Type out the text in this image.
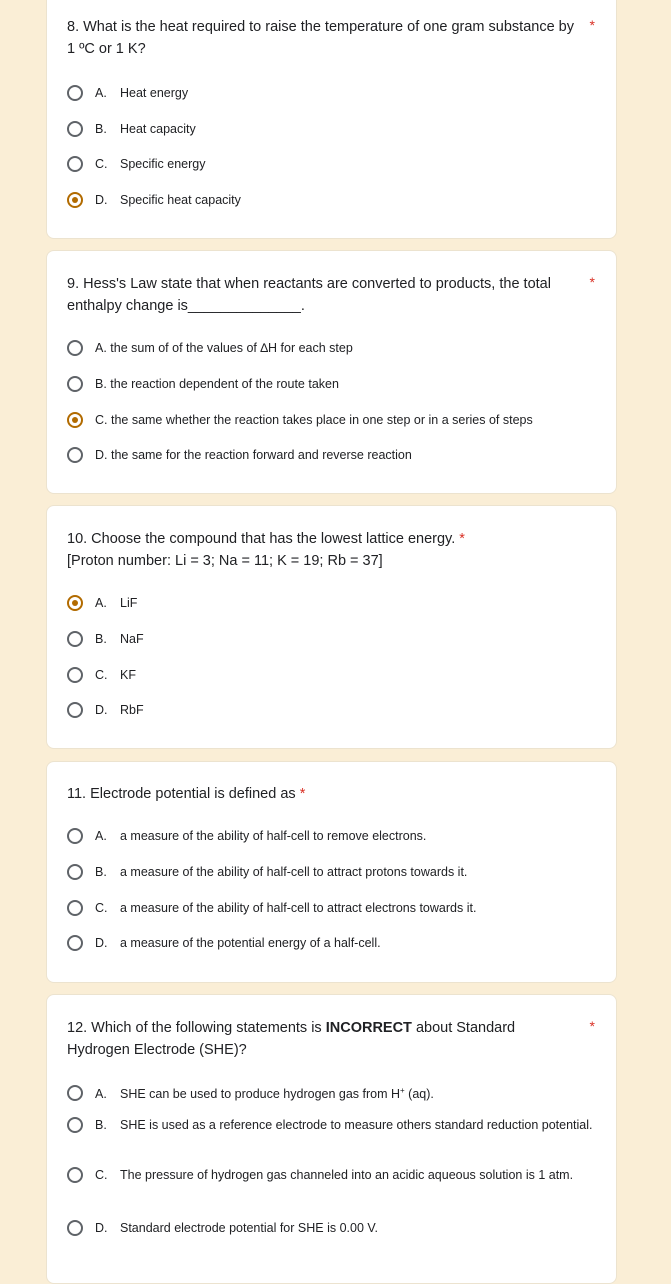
8. What is the heat required to raise the temperature of one gram substance by 1 ºC or 1 K?
*
A. Heat energy
B. Heat capacity
C. Specific energy
D. Specific heat capacity
9. Hess's Law state that when reactants are converted to products, the total enthalpy change is______________.
*
A. the sum of of the values of ∆H for each step
B. the reaction dependent of the route taken
C. the same whether the reaction takes place in one step or in a series of steps
D. the same for the reaction forward and reverse reaction
10. Choose the compound that has the lowest lattice energy. *
[Proton number: Li = 3; Na = 11; K = 19; Rb = 37]
A. LiF
B. NaF
C. KF
D. RbF
11. Electrode potential is defined as *
A. a measure of the ability of half-cell to remove electrons.
B. a measure of the ability of half-cell to attract protons towards it.
C. a measure of the ability of half-cell to attract electrons towards it.
D. a measure of the potential energy of a half-cell.
12. Which of the following statements is INCORRECT about Standard Hydrogen Electrode (SHE)?
*
A. SHE can be used to produce hydrogen gas from H+ (aq).
B. SHE is used as a reference electrode to measure others standard reduction potential.
C. The pressure of hydrogen gas channeled into an acidic aqueous solution is 1 atm.
D. Standard electrode potential for SHE is 0.00 V.
